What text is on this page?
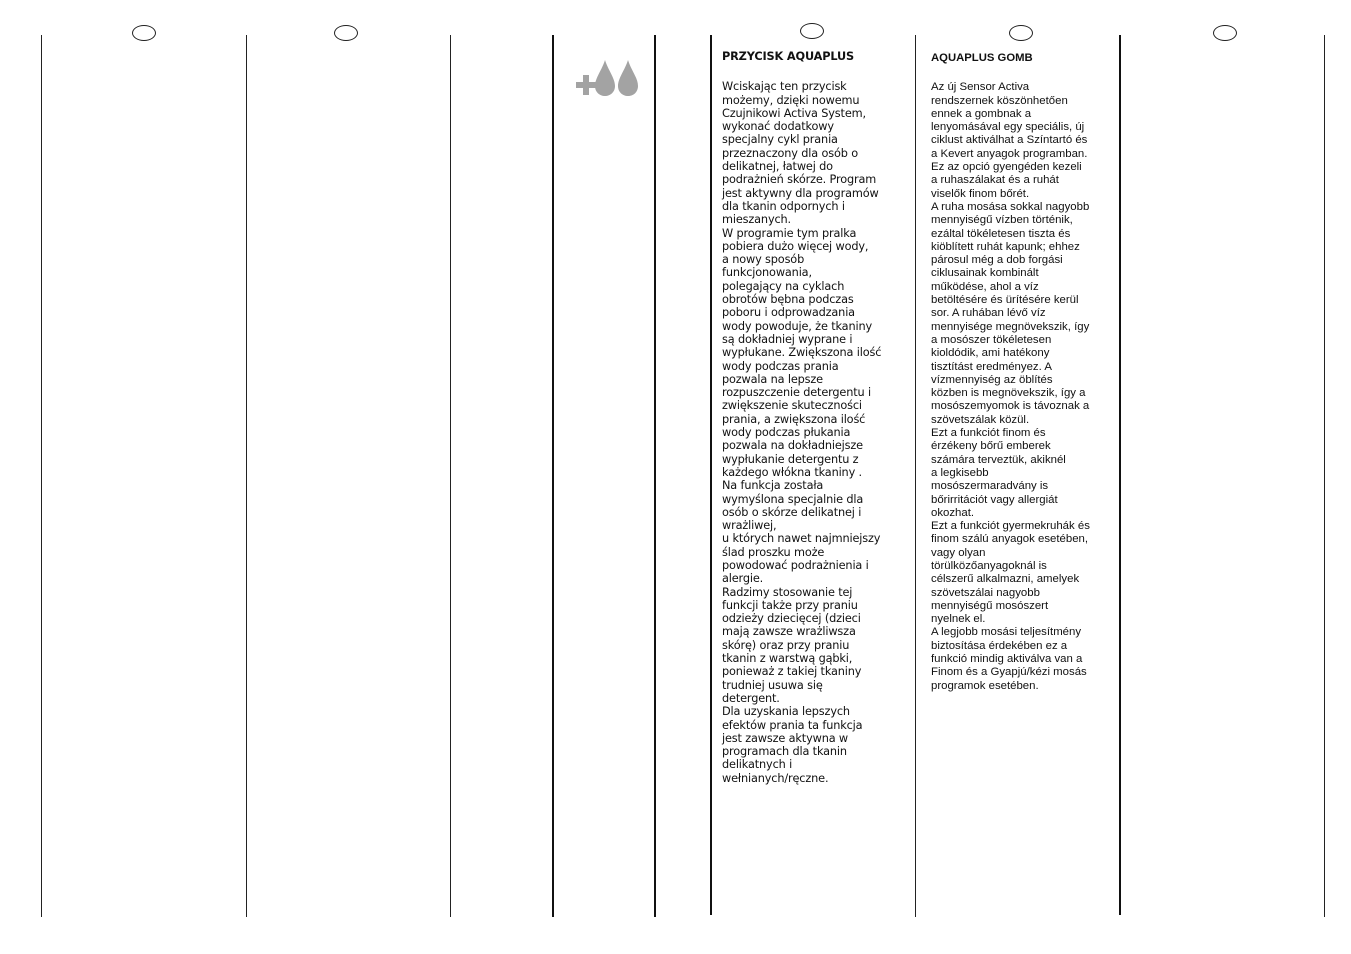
PRZYCISK AQUAPLUS

Wciskając ten przycisk
możemy, dzięki nowemu
Czujnikowi Activa System,
wykonać dodatkowy
specjalny cykl prania
przeznaczony dla osób o
delikatnej, łatwej do
podrażnień skórze. Program
jest aktywny dla programów
dla tkanin odpornych i
mieszanych.
W programie tym pralka
pobiera dużo więcej wody,
a nowy sposób
funkcjonowania,
polegający na cyklach
obrotów bębna podczas
poboru i odprowadzania
wody powoduje, że tkaniny
są dokładniej wyprane i
wypłukane. Zwiększona ilość
wody podczas prania
pozwala na lepsze
rozpuszczenie detergentu i
zwiększenie skuteczności
prania, a zwiększona ilość
wody podczas płukania
pozwala na dokładniejsze
wypłukanie detergentu z
każdego włókna tkaniny .
Na funkcja została
wymyślona specjalnie dla
osób o skórze delikatnej i
wrażliwej,
u których nawet najmniejszy
ślad proszku może
powodować podrażnienia i
alergie.
Radzimy stosowanie tej
funkcji także przy praniu
odzieży dziecięcej (dzieci
mają zawsze wrażliwsza
skórę) oraz przy praniu
tkanin z warstwą gąbki,
ponieważ z takiej tkaniny
trudniej usuwa się
detergent.
Dla uzyskania lepszych
efektów prania ta funkcja
jest zawsze aktywna w
programach dla tkanin
delikatnych i
wełnianych/ręczne.

AQUAPLUS GOMB

Az új Sensor Activa
rendszernek köszönhetően
ennek a gombnak a
lenyomásával egy speciális, új
ciklust aktiválhat a Színtartó és
a Kevert anyagok programban.
Ez az opció gyengéden kezeli
a ruhaszálakat és a ruhát
viselők finom bőrét.
A ruha mosása sokkal nagyobb
mennyiségű vízben történik,
ezáltal tökéletesen tiszta és
kiöblített ruhát kapunk; ehhez
párosul még a dob forgási
ciklusainak kombinált
működése, ahol a víz
betöltésére és ürítésére kerül
sor. A ruhában lévő víz
mennyisége megnövekszik, így
a mosószer tökéletesen
kioldódik, ami hatékony
tisztítást eredményez. A
vízmennyiség az öblítés
közben is megnövekszik, így a
mosószemyomok is távoznak a
szövetszálak közül.
Ezt a funkciót finom és
érzékeny bőrű emberek
számára terveztük, akiknél
a legkisebb
mosószermaradvány is
bőrirritációt vagy allergiát
okozhat.
Ezt a funkciót gyermekruhák és
finom szálú anyagok esetében,
vagy olyan
törülközőanyagoknál is
célszerű alkalmazni, amelyek
szövetszálai nagyobb
mennyiségű mosószert
nyelnek el.
A legjobb mosási teljesítmény
biztosítása érdekében ez a
funkció mindig aktiválva van a
Finom és a Gyapjú/kézi mosás
programok esetében.
